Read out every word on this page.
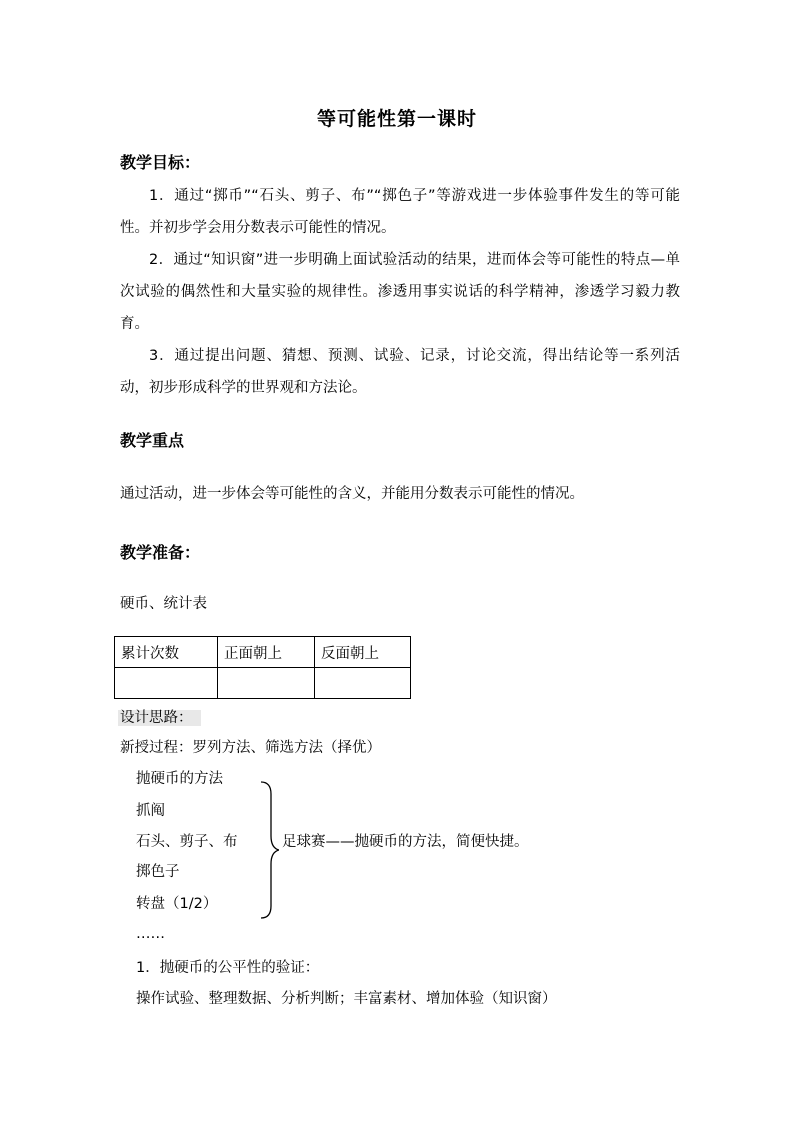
等可能性第一课时
教学目标：
1．通过“掷币”“石头、剪子、布”“掷色子”等游戏进一步体验事件发生的等可能性。并初步学会用分数表示可能性的情况。
2．通过“知识窗”进一步明确上面试验活动的结果，进而体会等可能性的特点—单次试验的偶然性和大量实验的规律性。渗透用事实说话的科学精神，渗透学习毅力教育。
3．通过提出问题、猜想、预测、试验、记录，讨论交流，得出结论等一系列活动，初步形成科学的世界观和方法论。
教学重点
通过活动，进一步体会等可能性的含义，并能用分数表示可能性的情况。
教学准备：
硬币、统计表
累计次数	正面朝上	反面朝上

设计思路：
新授过程：罗列方法、筛选方法（择优）
抛硬币的方法
抓阄
石头、剪子、布
掷色子
转盘（1/2）
足球赛——抛硬币的方法，简便快捷。
……
1．抛硬币的公平性的验证：
操作试验、整理数据、分析判断；丰富素材、增加体验（知识窗）
